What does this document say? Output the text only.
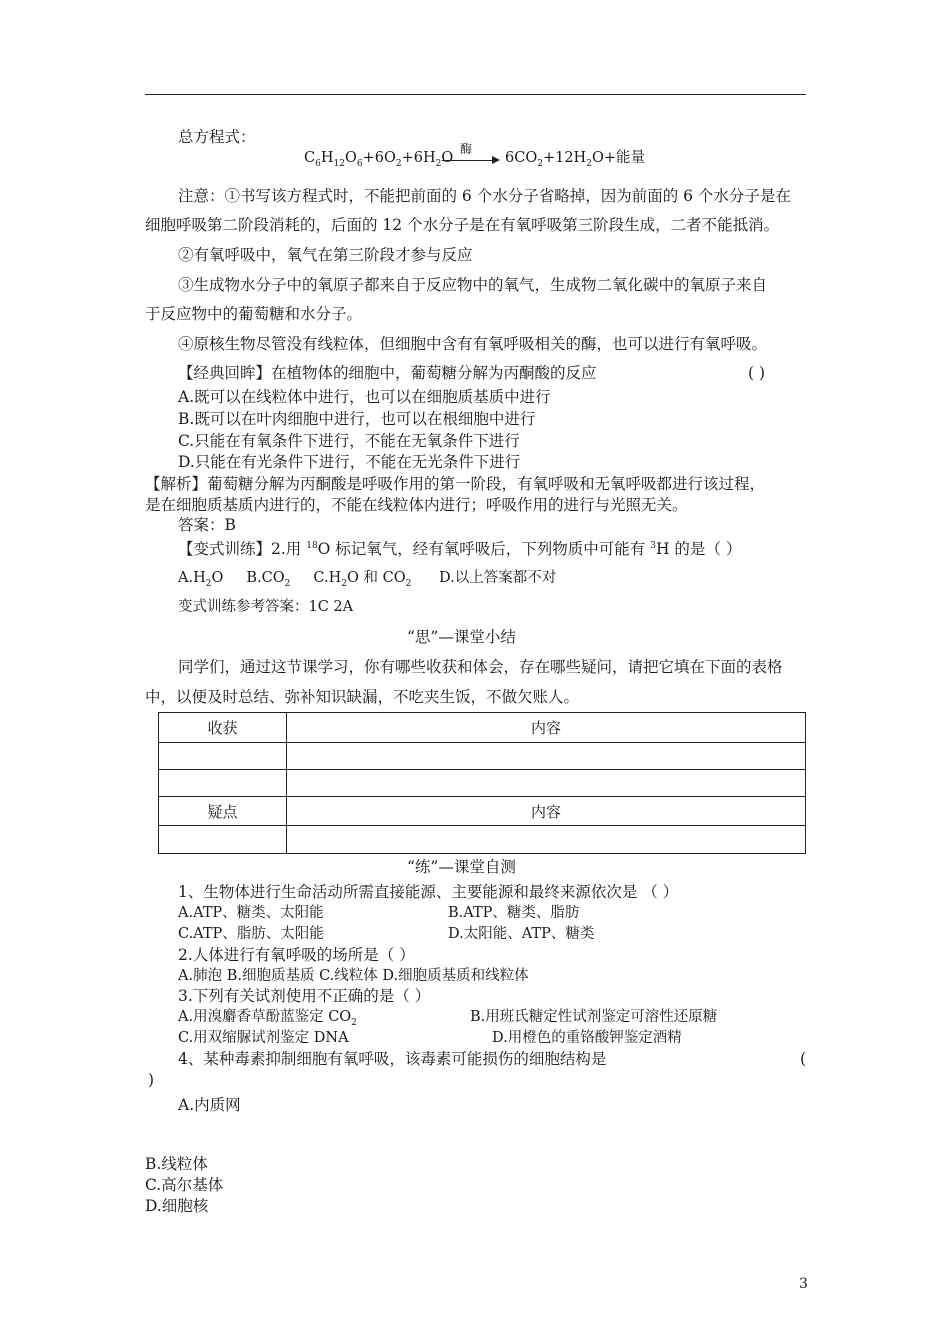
总方程式：
$C_6H_{12}O_6+6O_2+6H_2O$
酶
$6CO_2+12H_2O+$能量
注意：①书写该方程式时，不能把前面的 6 个水分子省略掉，因为前面的 6 个水分子是在
细胞呼吸第二阶段消耗的，后面的 12 个水分子是在有氧呼吸第三阶段生成，二者不能抵消。
②有氧呼吸中，氧气在第三阶段才参与反应
③生成物水分子中的氧原子都来自于反应物中的氧气，生成物二氧化碳中的氧原子来自
于反应物中的葡萄糖和水分子。
④原核生物尽管没有线粒体，但细胞中含有有氧呼吸相关的酶，也可以进行有氧呼吸。
【经典回眸】在植物体的细胞中，葡萄糖分解为丙酮酸的反应	( )
A.既可以在线粒体中进行，也可以在细胞质基质中进行
B.既可以在叶肉细胞中进行，也可以在根细胞中进行
C.只能在有氧条件下进行，不能在无氧条件下进行
D.只能在有光条件下进行，不能在无光条件下进行
【解析】葡萄糖分解为丙酮酸是呼吸作用的第一阶段，有氧呼吸和无氧呼吸都进行该过程，
是在细胞质基质内进行的，不能在线粒体内进行；呼吸作用的进行与光照无关。
答案：B
【变式训练】2.用 $^{18}$O 标记氧气，经有氧呼吸后，下列物质中可能有 $^3$H 的是（ ）
$A.H_2O$     $B.CO_2$     $C.H_2O$ 和 $CO_2$      D.以上答案都不对
变式训练参考答案：1C 2A
“思”—课堂小结
同学们，通过这节课学习，你有哪些收获和体会，存在哪些疑问，请把它填在下面的表格
中，以便及时总结、弥补知识缺漏，不吃夹生饭，不做欠账人。
收获	内容

疑点	内容

“练”—课堂自测
1、生物体进行生命活动所需直接能源、主要能源和最终来源依次是 （ ）
A.ATP、糖类、太阳能	B.ATP、糖类、脂肪
C.ATP、脂肪、太阳能	D.太阳能、ATP、糖类
2.人体进行有氧呼吸的场所是（ ）
A.肺泡 B.细胞质基质 C.线粒体 D.细胞质基质和线粒体
3.下列有关试剂使用不正确的是（ ）
A.用溴麝香草酚蓝鉴定 $CO_2$	B.用班氏糖定性试剂鉴定可溶性还原糖
C.用双缩脲试剂鉴定 DNA	D.用橙色的重铬酸钾鉴定酒精
4、某种毒素抑制细胞有氧呼吸，该毒素可能损伤的细胞结构是	(
)
A.内质网
B.线粒体
C.高尔基体
D.细胞核
3
